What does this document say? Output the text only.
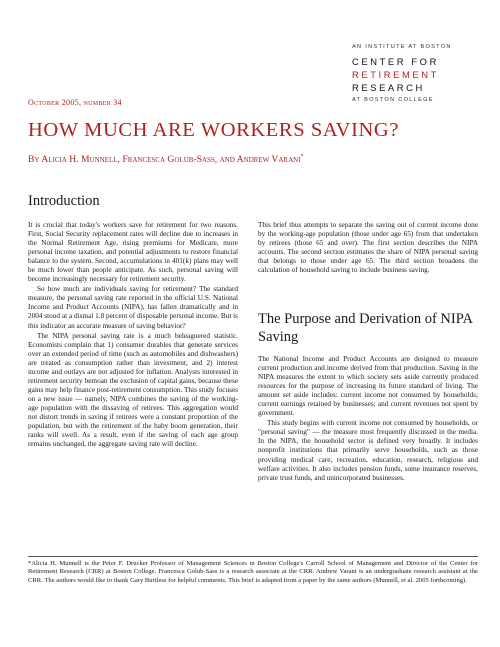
AN INSTITUTE AT BOSTON
CENTER FOR
RETIREMENT
RESEARCH
AT BOSTON COLLEGE
October 2005, number 34
HOW MUCH ARE WORKERS SAVING?
By Alicia H. Munnell, Francesca Golub-Sass, and Andrew Varani*
Introduction

It is crucial that today's workers save for retirement for two reasons. First, Social Security replacement rates will decline due to increases in the Normal Retirement Age, rising premiums for Medicare, more personal income taxation, and potential adjustments to restore financial balance to the system. Second, accumulations in 401(k) plans may well be much lower than people anticipate. As such, personal saving will become increasingly necessary for retirement security.

So how much are individuals saving for retirement? The standard measure, the personal saving rate reported in the official U.S. National Income and Product Accounts (NIPA), has fallen dramatically and in 2004 stood at a dismal 1.8 percent of disposable personal income. But is this indicator an accurate measure of saving behavior?

The NIPA personal saving rate is a much beleaguered statistic. Economists complain that 1) consumer durables that generate services over an extended period of time (such as automobiles and dishwashers) are treated as consumption rather than investment; and 2) interest income and outlays are not adjusted for inflation. Analysts interested in retirement security bemoan the exclusion of capital gains, because these gains may help finance post-retirement consumption. This study focuses on a new issue — namely, NIPA combines the saving of the working-age population with the dissaving of retirees. This aggregation would not distort trends in saving if retirees were a constant proportion of the population, but with the retirement of the baby boom generation, their ranks will swell. As a result, even if the saving of each age group remains unchanged, the aggregate saving rate will decline.

This brief thus attempts to separate the saving out of current income done by the working-age population (those under age 65) from that undertaken by retirees (those 65 and over). The first section describes the NIPA accounts. The second section estimates the share of NIPA personal saving that belongs to those under age 65. The third section broadens the calculation of household saving to include business saving.

The Purpose and Derivation of NIPA Saving

The National Income and Product Accounts are designed to measure current production and income derived from that production. Saving in the NIPA measures the extent to which society sets aside currently produced resources for the purpose of increasing its future standard of living. The amount set aside includes: current income not consumed by households; current earnings retained by businesses; and current revenues not spent by government.

This study begins with current income not consumed by households, or "personal saving" — the measure most frequently discussed in the media. In the NIPA, the household sector is defined very broadly. It includes nonprofit institutions that primarily serve households, such as those providing medical care, recreation, education, research, religious and welfare activities. It also includes pension funds, some insurance reserves, private trust funds, and unincorporated businesses.

*Alicia H. Munnell is the Peter F. Drucker Professor of Management Sciences in Boston College's Carroll School of Management and Director of the Center for Retirement Research (CRR) at Boston College. Francesca Golub-Sass is a research associate at the CRR. Andrew Varani is an undergraduate research assistant at the CRR. The authors would like to thank Gary Burtless for helpful comments. This brief is adapted from a paper by the same authors (Munnell, et al. 2005 forthcoming).
